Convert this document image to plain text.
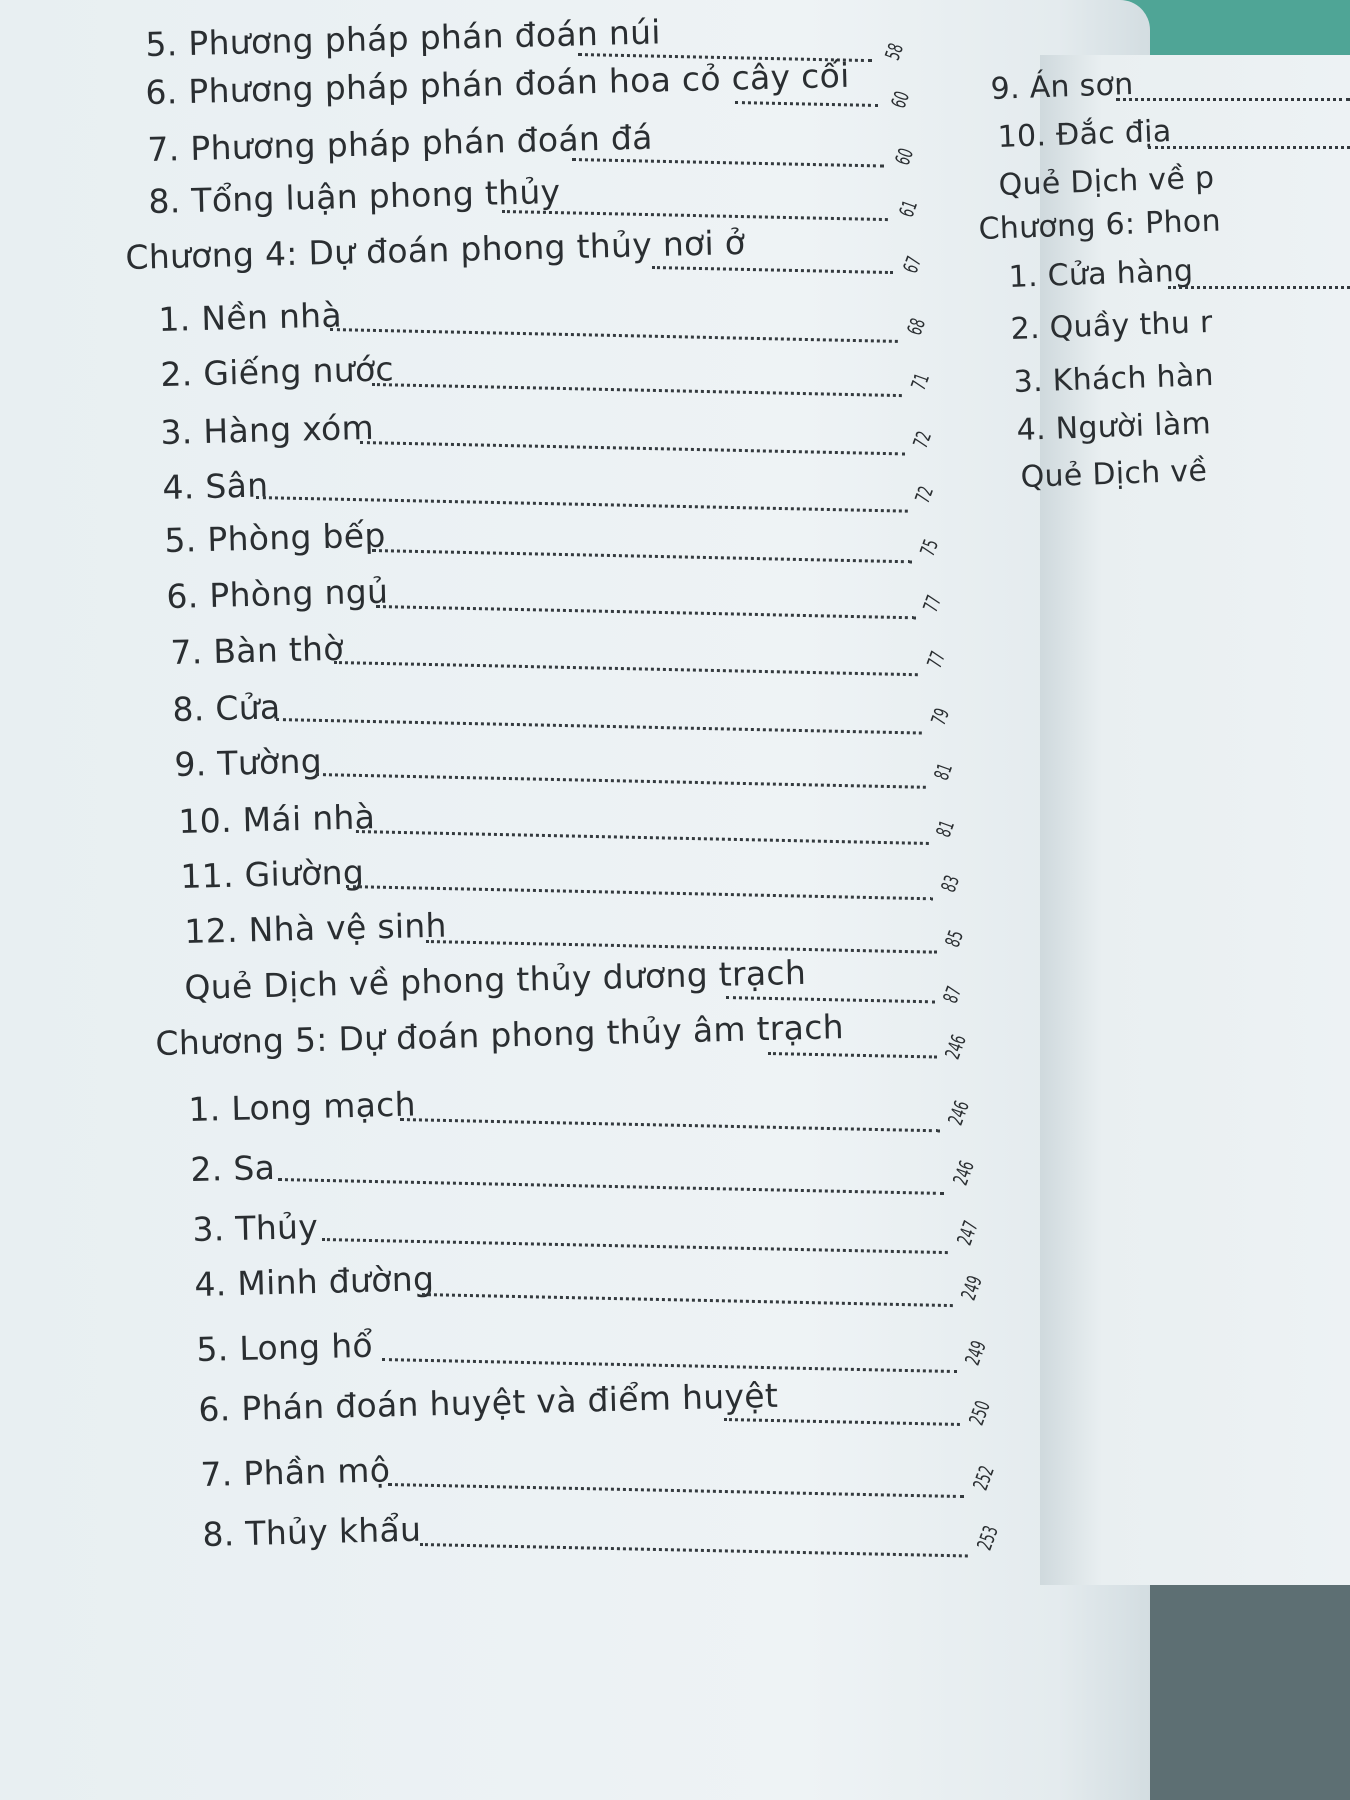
5. Phương pháp phán đoán núi	58
6. Phương pháp phán đoán hoa cỏ cây cối 60
7. Phương pháp phán đoán đá	60
8. Tổng luận phong thủy	61
Chương 4: Dự đoán phong thủy nơi ở	67
1. Nền nhà	68
2. Giếng nước	71
3. Hàng xóm	72
4. Sân	72
5. Phòng bếp	75
6. Phòng ngủ	77
7. Bàn thờ	77
8. Cửa	79
9. Tường	81
10. Mái nhà	81
11. Giường	83
12. Nhà vệ sinh	85
Quẻ Dịch về phong thủy dương trạch	87
Chương 5: Dự đoán phong thủy âm trạch	246
1. Long mạch	246
2. Sa	246
3. Thủy	247
4. Minh đường	249
5. Long hổ	249
6. Phán đoán huyệt và điểm huyệt	250
7. Phần mộ	252
8. Thủy khẩu	253
9. Án sơn
10. Đắc địa
Quẻ Dịch về p
Chương 6: Phon
1. Cửa hàng
2. Quầy thu r
3. Khách hàn
4. Người làm
Quẻ Dịch về
